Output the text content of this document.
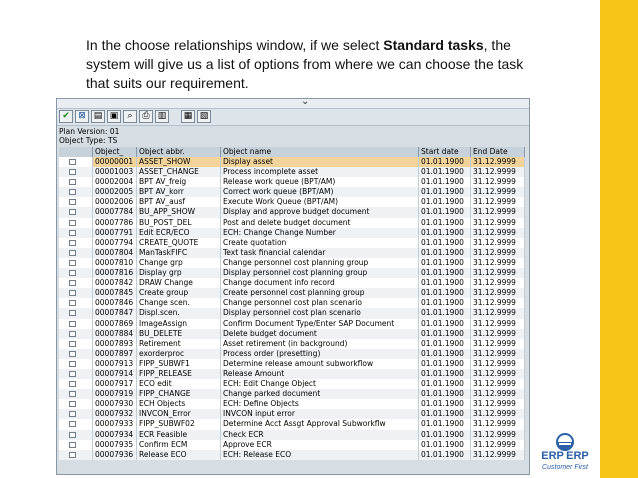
In the choose relationships window, if we select Standard tasks, the system will give us a list of options from where we can choose the task that suits our requirement.
⌄
✔ ⊠ ▤ ▣	⌕	⎙ ▥	▦ ▧
Plan Version: 01
Object Type: TS
Object_	Object abbr.	Object name	Start date	End Date
00000001 ASSET_SHOW	Display asset	01.01.1900	31.12.9999
00001003 ASSET_CHANGE	Process incomplete asset	01.01.1900	31.12.9999
00002004 BPT AV_freig	Release work queue (BPT/AM)	01.01.1900	31.12.9999
00002005 BPT AV_korr	Correct work queue (BPT/AM)	01.01.1900	31.12.9999
00002006 BPT AV_ausf	Execute Work Queue (BPT/AM)	01.01.1900	31.12.9999
00007784 BU_APP_SHOW	Display and approve budget document	01.01.1900	31.12.9999
00007786 BU_POST_DEL	Post and delete budget document	01.01.1900	31.12.9999
00007791 Edit ECR/ECO	ECH: Change Change Number	01.01.1900	31.12.9999
00007794 CREATE_QUOTE	Create quotation	01.01.1900	31.12.9999
00007804 ManTaskFIFC	Text task financial calendar	01.01.1900	31.12.9999
00007810 Change grp	Change personnel cost planning group	01.01.1900	31.12.9999
00007816 Display grp	Display personnel cost planning group	01.01.1900	31.12.9999
00007842 DRAW Change	Change document info record	01.01.1900	31.12.9999
00007845 Create group	Create personnel cost planning group	01.01.1900	31.12.9999
00007846 Change scen.	Change personnel cost plan scenario	01.01.1900	31.12.9999
00007847 Displ.scen.	Display personnel cost plan scenario	01.01.1900	31.12.9999
00007869 ImageAssign	Confirm Document Type/Enter SAP Document	01.01.1900	31.12.9999
00007884 BU_DELETE	Delete budget document	01.01.1900	31.12.9999
00007893 Retirement	Asset retirement (in background)	01.01.1900	31.12.9999
00007897 exorderproc	Process order (presetting)	01.01.1900	31.12.9999
00007913 FIPP_SUBWF1	Determine release amount subworkflow	01.01.1900	31.12.9999
00007914 FIPP_RELEASE	Release Amount	01.01.1900	31.12.9999
00007917 ECO edit	ECH: Edit Change Object	01.01.1900	31.12.9999
00007919 FIPP_CHANGE	Change parked document	01.01.1900	31.12.9999
00007930 ECH Objects	ECH: Define Objects	01.01.1900	31.12.9999
00007932 INVCON_Error	INVCON input error	01.01.1900	31.12.9999
00007933 FIPP_SUBWF02	Determine Acct Assgt Approval Subworkflw	01.01.1900	31.12.9999
00007934 ECR Feasible	Check ECR	01.01.1900	31.12.9999
00007935 Confirm ECM	Approve ECR	01.01.1900	31.12.9999
00007936 Release ECO	ECH: Release ECO	01.01.1900	31.12.9999	ERP ERP
Customer First
